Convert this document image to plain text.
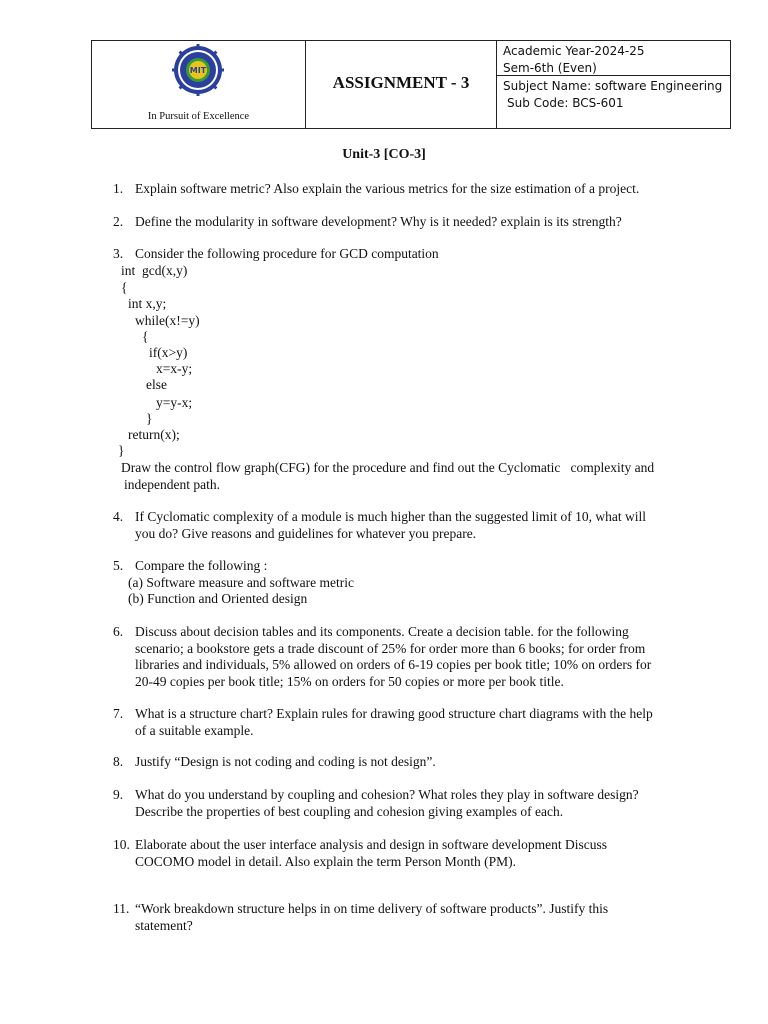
MIT
In Pursuit of Excellence
ASSIGNMENT - 3
Academic Year-2024-25
Sem-6th (Even)
Subject Name: software Engineering
Sub Code: BCS-601
Unit-3 [CO-3]
1. Explain software metric? Also explain the various metrics for the size estimation of a project.
2. Define the modularity in software development? Why is it needed? explain is its strength?
3. Consider the following procedure for GCD computation
int  gcd(x,y)
{
int x,y;
while(x!=y)
{
if(x>y)
x=x-y;
else
y=y-x;
}
return(x);
}
Draw the control flow graph(CFG) for the procedure and find out the Cyclomatic   complexity and
independent path.
4. If Cyclomatic complexity of a module is much higher than the suggested limit of 10, what will
you do? Give reasons and guidelines for whatever you prepare.
5. Compare the following :
(a) Software measure and software metric
(b) Function and Oriented design
6. Discuss about decision tables and its components. Create a decision table. for the following
scenario; a bookstore gets a trade discount of 25% for order more than 6 books; for order from
libraries and individuals, 5% allowed on orders of 6-19 copies per book title; 10% on orders for
20-49 copies per book title; 15% on orders for 50 copies or more per book title.
7. What is a structure chart? Explain rules for drawing good structure chart diagrams with the help
of a suitable example.
8. Justify “Design is not coding and coding is not design”.
9. What do you understand by coupling and cohesion? What roles they play in software design?
Describe the properties of best coupling and cohesion giving examples of each.
10. Elaborate about the user interface analysis and design in software development Discuss
COCOMO model in detail. Also explain the term Person Month (PM).
11. “Work breakdown structure helps in on time delivery of software products”. Justify this
statement?
